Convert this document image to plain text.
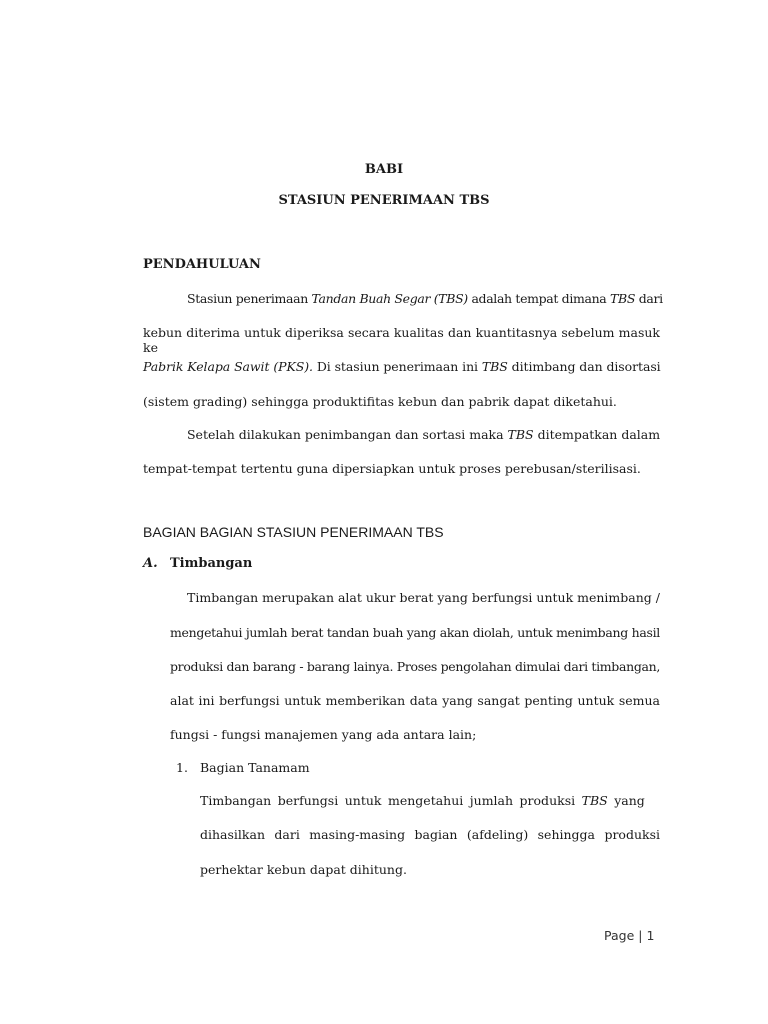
BABI
STASIUN PENERIMAAN TBS
PENDAHULUAN
Stasiun penerimaan Tandan Buah Segar (TBS) adalah tempat dimana TBS dari
kebun diterima untuk diperiksa secara kualitas dan kuantitasnya sebelum masuk ke
Pabrik Kelapa Sawit (PKS). Di stasiun penerimaan ini TBS ditimbang dan disortasi
(sistem grading) sehingga produktifitas kebun dan pabrik dapat diketahui.
Setelah dilakukan penimbangan dan sortasi maka TBS ditempatkan dalam
tempat-tempat tertentu guna dipersiapkan untuk proses perebusan/sterilisasi.
BAGIAN BAGIAN STASIUN PENERIMAAN TBS
A. Timbangan
Timbangan merupakan alat ukur berat yang berfungsi untuk menimbang /
mengetahui jumlah berat tandan buah yang akan diolah, untuk menimbang hasil
produksi dan barang - barang lainya. Proses pengolahan dimulai dari timbangan,
alat ini berfungsi untuk memberikan data yang sangat penting untuk semua
fungsi - fungsi manajemen yang ada antara lain;
1. Bagian Tanamam
Timbangan berfungsi untuk mengetahui jumlah produksi TBS yang
dihasilkan dari masing-masing bagian (afdeling) sehingga produksi
perhektar kebun dapat dihitung.
Page | 1
